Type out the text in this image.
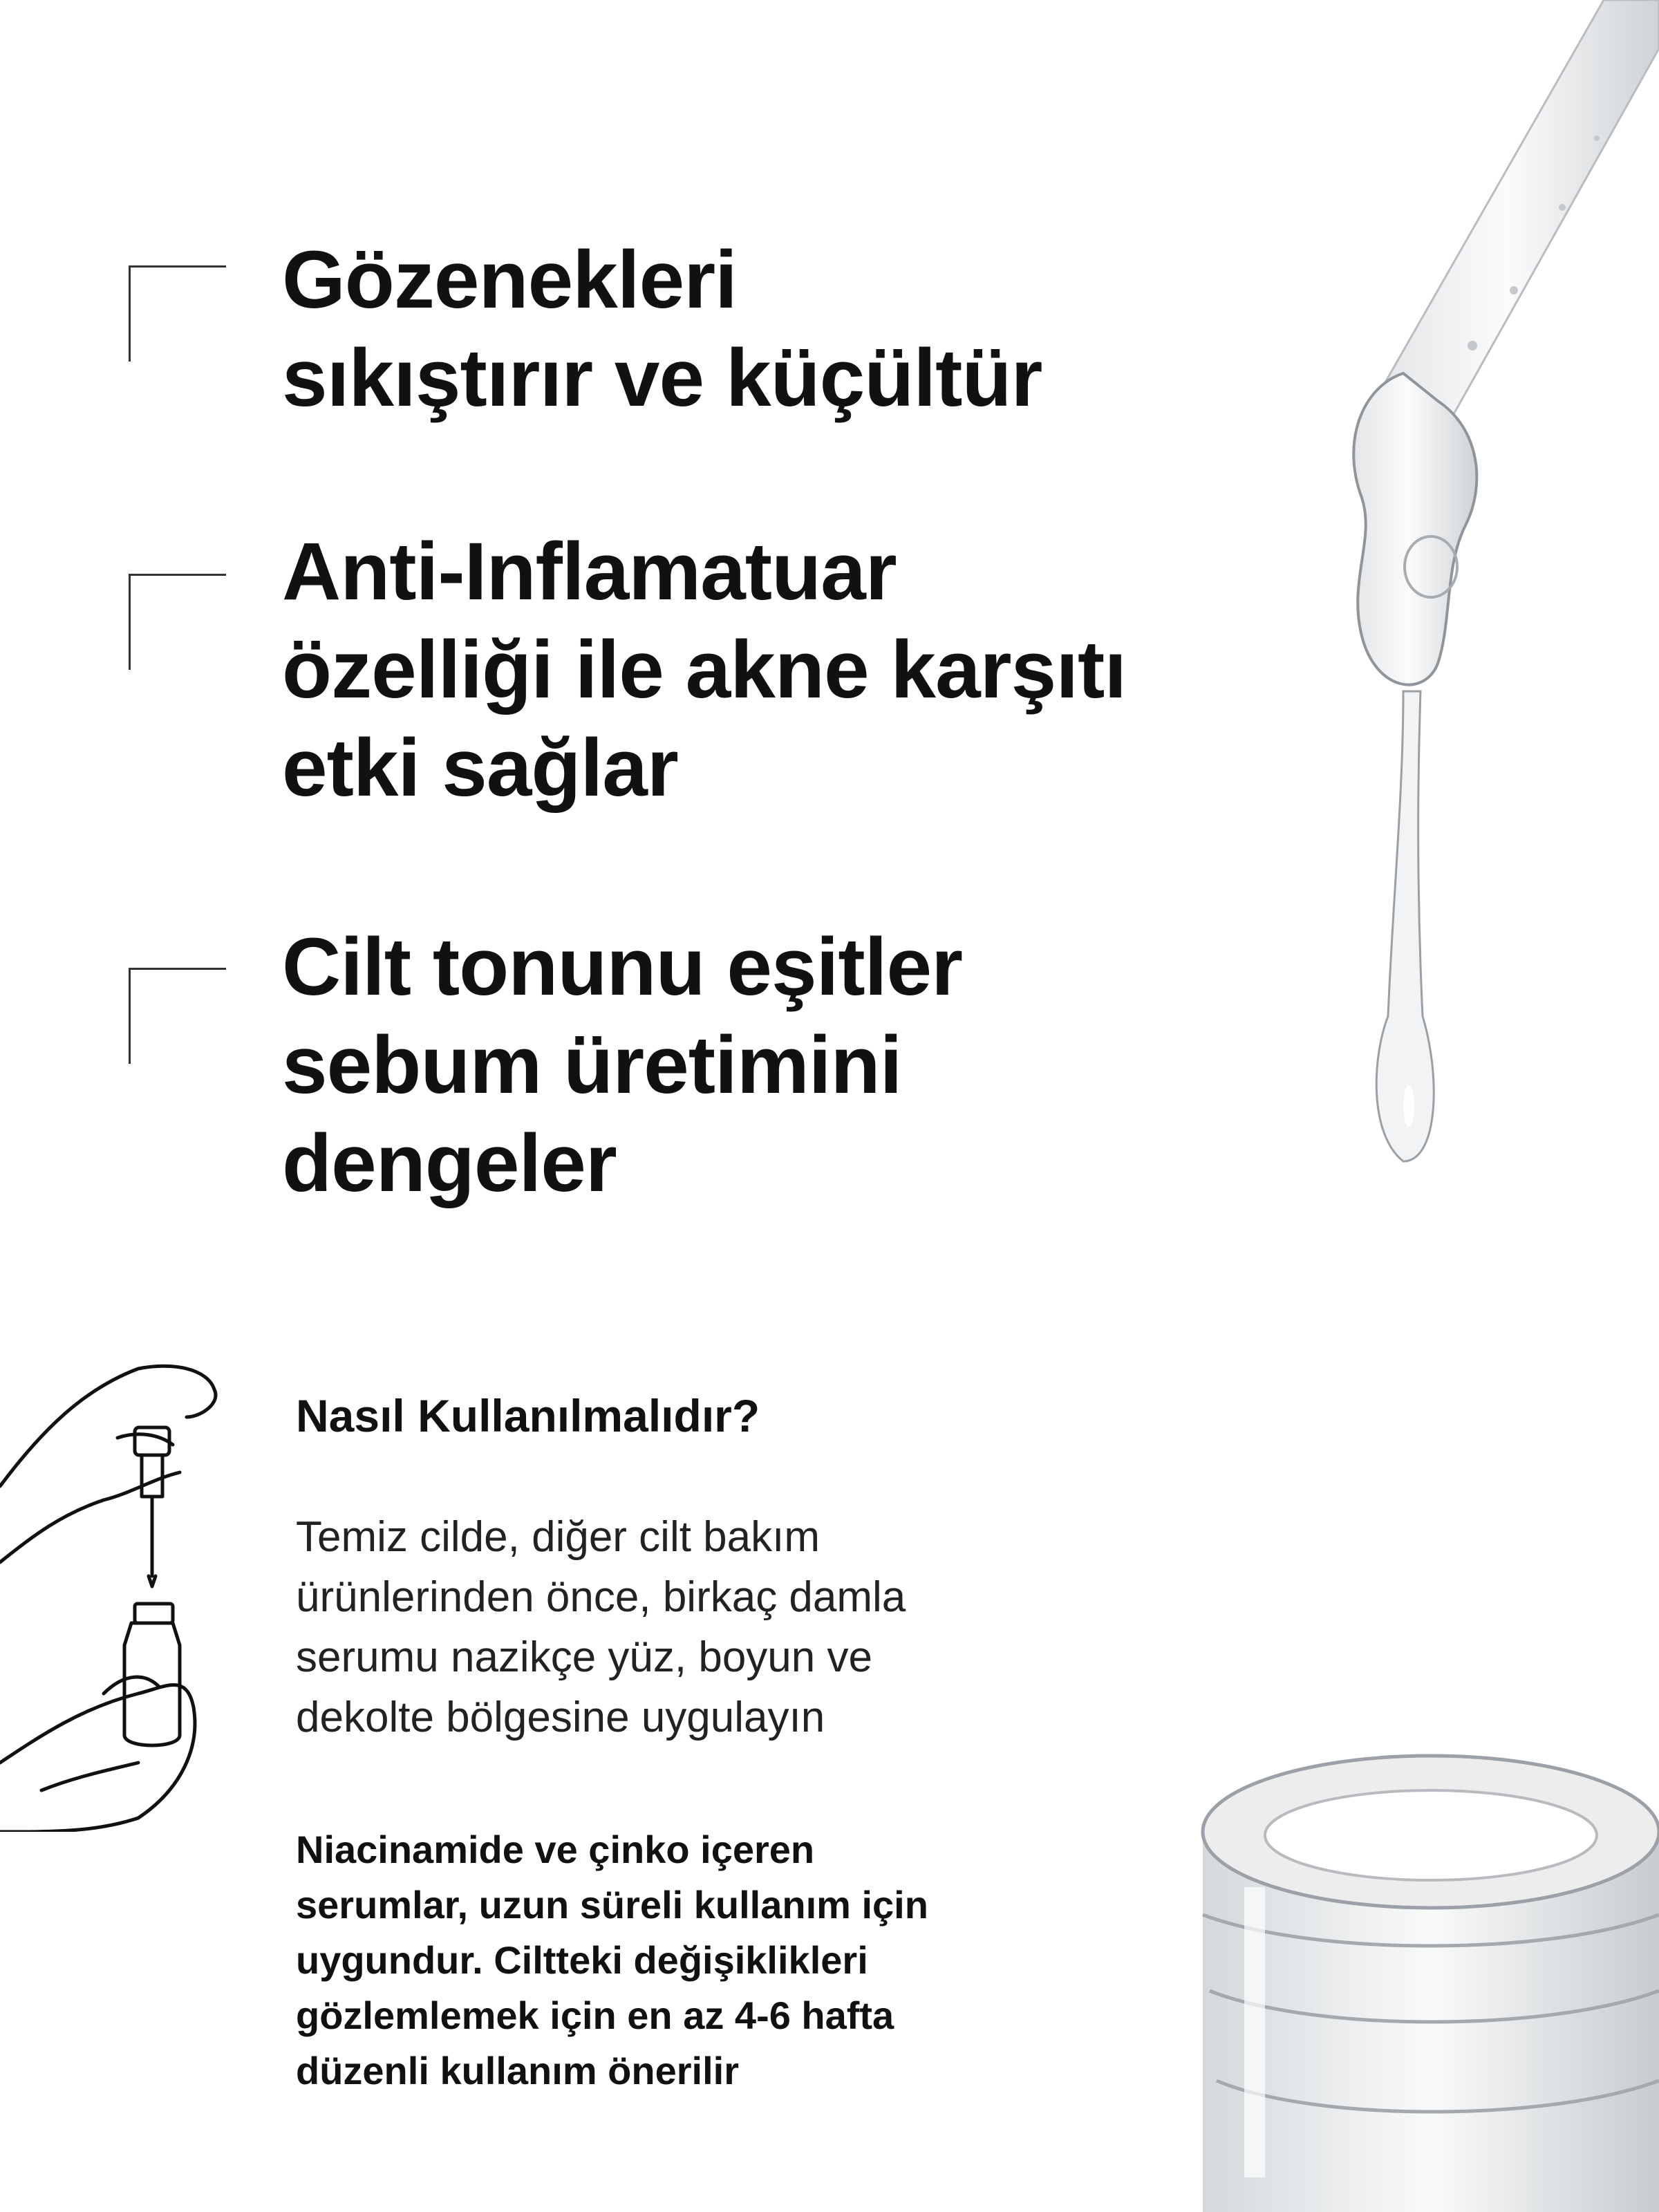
Gözenekleri
sıkıştırır ve küçültür

Anti-Inflamatuar
özelliği ile akne karşıtı
etki sağlar

Cilt tonunu eşitler
sebum üretimini
dengeler

Nasıl Kullanılmalıdır?

Temiz cilde, diğer cilt bakım
ürünlerinden önce, birkaç damla
serumu nazikçe yüz, boyun ve
dekolte bölgesine uygulayın

Niacinamide ve çinko içeren
serumlar, uzun süreli kullanım için
uygundur. Ciltteki değişiklikleri
gözlemlemek için en az 4-6 hafta
düzenli kullanım önerilir
